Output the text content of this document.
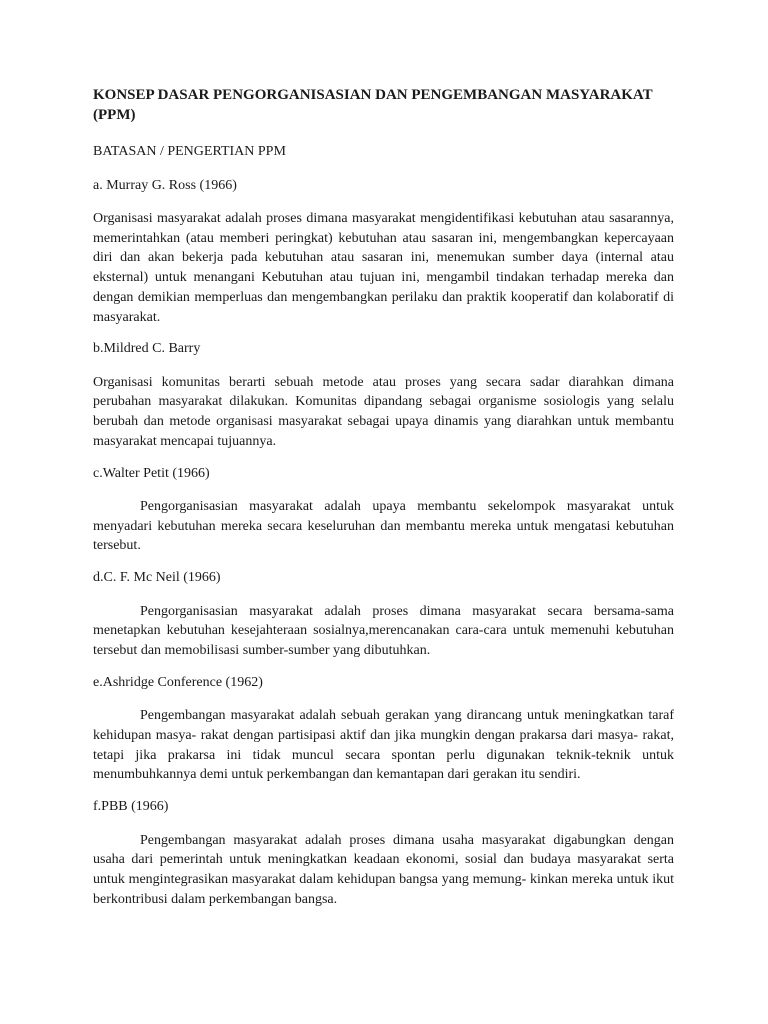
KONSEP DASAR PENGORGANISASIAN DAN PENGEMBANGAN MASYARAKAT (PPM)

BATASAN / PENGERTIAN PPM

a. Murray G. Ross (1966)

Organisasi masyarakat adalah proses dimana masyarakat mengidentifikasi kebutuhan atau sasarannya, memerintahkan (atau memberi peringkat) kebutuhan atau sasaran ini, mengembangkan kepercayaan diri dan akan bekerja pada kebutuhan atau sasaran ini, menemukan sumber daya (internal atau eksternal) untuk menangani Kebutuhan atau tujuan ini, mengambil tindakan terhadap mereka dan dengan demikian memperluas dan mengembangkan perilaku dan praktik kooperatif dan kolaboratif di masyarakat.

b.Mildred C. Barry

Organisasi komunitas berarti sebuah metode atau proses yang secara sadar diarahkan dimana perubahan masyarakat dilakukan. Komunitas dipandang sebagai organisme sosiologis yang selalu berubah dan metode organisasi masyarakat sebagai upaya dinamis yang diarahkan untuk membantu masyarakat mencapai tujuannya.

c.Walter Petit (1966)

Pengorganisasian masyarakat adalah upaya membantu sekelompok masyarakat untuk menyadari kebutuhan mereka secara keseluruhan dan membantu mereka untuk mengatasi kebutuhan tersebut.

d.C. F. Mc Neil (1966)

Pengorganisasian masyarakat adalah proses dimana masyarakat secara bersama-sama menetapkan kebutuhan kesejahteraan sosialnya,merencanakan cara-cara untuk memenuhi kebutuhan tersebut dan memobilisasi sumber-sumber yang dibutuhkan.

e.Ashridge Conference (1962)

Pengembangan masyarakat adalah sebuah gerakan yang dirancang untuk meningkatkan taraf kehidupan masya- rakat dengan partisipasi aktif dan jika mungkin dengan prakarsa dari masya- rakat, tetapi jika prakarsa ini tidak muncul secara spontan perlu digunakan teknik-teknik untuk menumbuhkannya demi untuk perkembangan dan kemantapan dari gerakan itu sendiri.

f.PBB (1966)

Pengembangan masyarakat adalah proses dimana usaha masyarakat digabungkan dengan usaha dari pemerintah untuk meningkatkan keadaan ekonomi, sosial dan budaya masyarakat serta untuk mengintegrasikan masyarakat dalam kehidupan bangsa yang memung- kinkan mereka untuk ikut berkontribusi dalam perkembangan bangsa.
